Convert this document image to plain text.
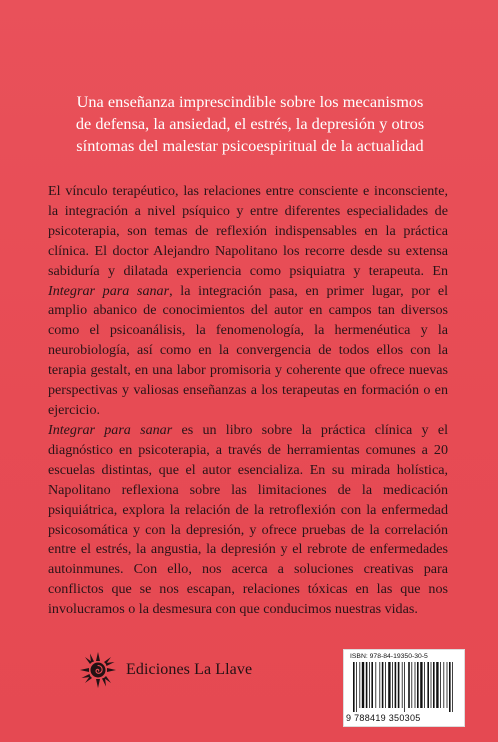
Una enseñanza imprescindible sobre los mecanismos
de defensa, la ansiedad, el estrés, la depresión y otros
síntomas del malestar psicoespiritual de la actualidad
El vínculo terapéutico, las relaciones entre consciente e inconsciente, la integración a nivel psíquico y entre diferentes especialidades de psicoterapia, son temas de reflexión indispensables en la práctica clínica. El doctor Alejandro Napolitano los recorre desde su extensa sabiduría y dilatada experiencia como psiquiatra y terapeuta. En Integrar para sanar, la integración pasa, en primer lugar, por el amplio abanico de conocimientos del autor en campos tan diversos como el psicoanálisis, la fenomenología, la hermenéutica y la neurobiología, así como en la convergencia de todos ellos con la terapia gestalt, en una labor promisoria y coherente que ofrece nuevas perspectivas y valiosas enseñanzas a los terapeutas en formación o en ejercicio.
Integrar para sanar es un libro sobre la práctica clínica y el diagnóstico en psicoterapia, a través de herramientas comunes a 20 escuelas distintas, que el autor esencializa. En su mirada holística, Napolitano reflexiona sobre las limitaciones de la medicación psiquiátrica, explora la relación de la retroflexión con la enfermedad psicosomática y con la depresión, y ofrece pruebas de la correlación entre el estrés, la angustia, la depresión y el rebrote de enfermedades autoinmunes. Con ello, nos acerca a soluciones creativas para conflictos que se nos escapan, relaciones tóxicas en las que nos involucramos o la desmesura con que conducimos nuestras vidas.
Ediciones La Llave
ISBN: 978-84-19350-30-5
9 788419 350305
